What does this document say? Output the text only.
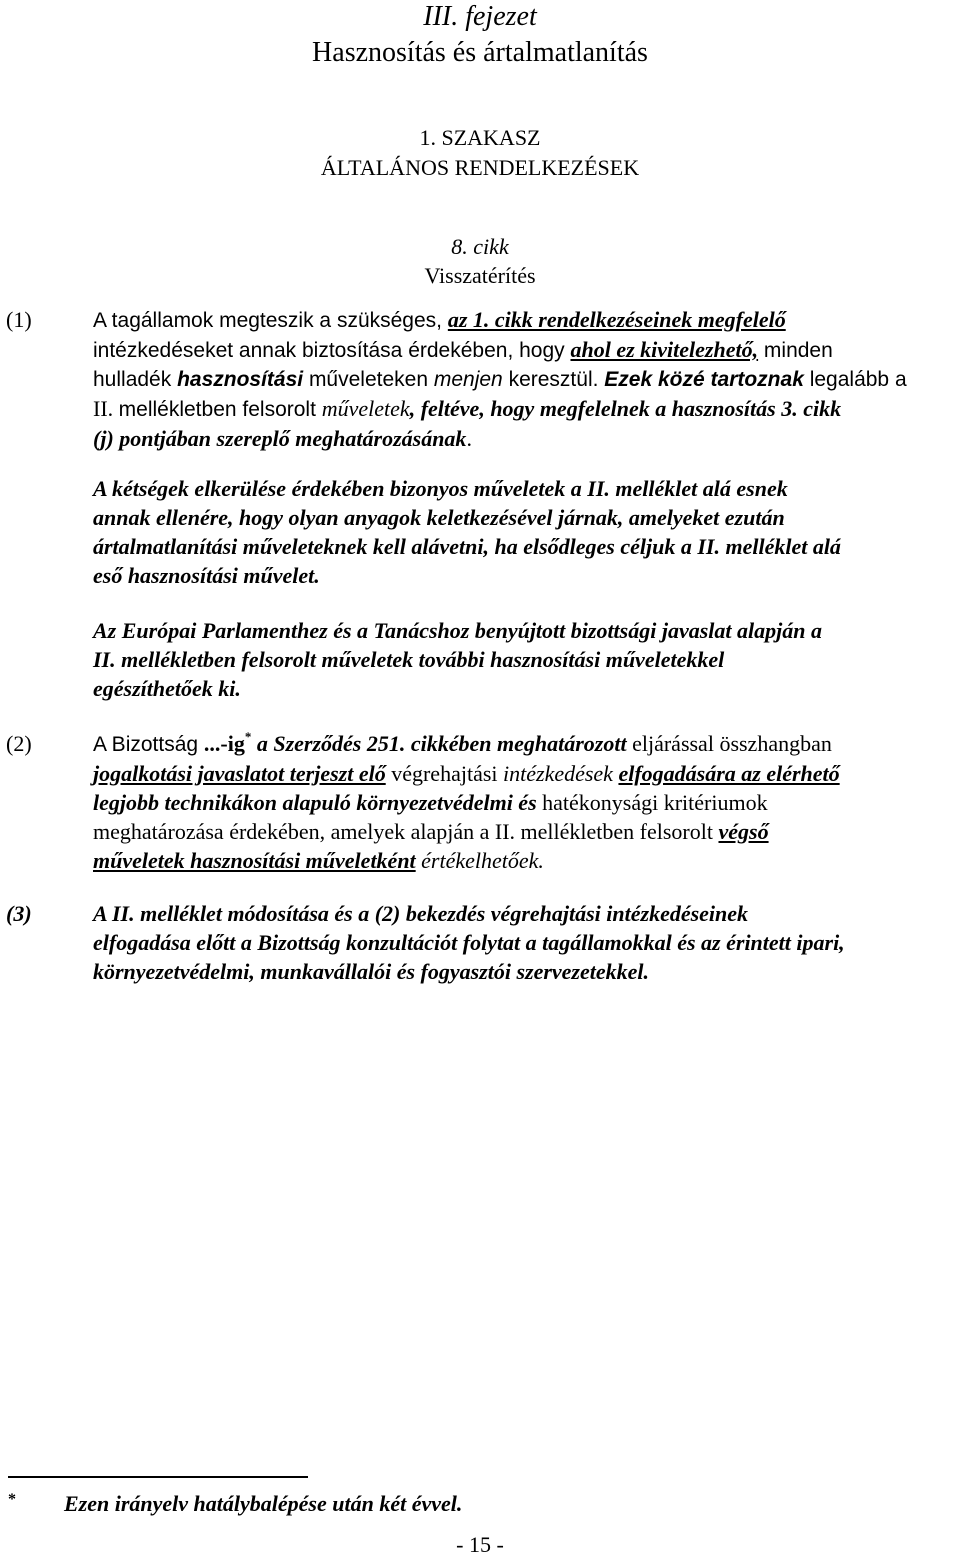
III. fejezet
Hasznosítás és ártalmatlanítás
1. SZAKASZ
ÁLTALÁNOS RENDELKEZÉSEK
8. cikk
Visszatérítés
(1)	A tagállamok megteszik a szükséges, az 1. cikk rendelkezéseinek megfelelő
intézkedéseket annak biztosítása érdekében, hogy ahol ez kivitelezhető, minden
hulladék hasznosítási műveleteken menjen keresztül. Ezek közé tartoznak legalább a
II. mellékletben felsorolt műveletek, feltéve, hogy megfelelnek a hasznosítás 3. cikk
(j) pontjában szereplő meghatározásának.
A kétségek elkerülése érdekében bizonyos műveletek a II. melléklet alá esnek
annak ellenére, hogy olyan anyagok keletkezésével járnak, amelyeket ezután
ártalmatlanítási műveleteknek kell alávetni, ha elsődleges céljuk a II. melléklet alá
eső hasznosítási művelet.
Az Európai Parlamenthez és a Tanácshoz benyújtott bizottsági javaslat alapján a
II. mellékletben felsorolt műveletek további hasznosítási műveletekkel
egészíthetőek ki.
(2)	A Bizottság ...-ig* a Szerződés 251. cikkében meghatározott eljárással összhangban
jogalkotási javaslatot terjeszt elő végrehajtási intézkedések elfogadására az elérhető
legjobb technikákon alapuló környezetvédelmi és hatékonysági kritériumok
meghatározása érdekében, amelyek alapján a II. mellékletben felsorolt végső
műveletek hasznosítási műveletként értékelhetőek.
(3)	A II. melléklet módosítása és a (2) bekezdés végrehajtási intézkedéseinek
elfogadása előtt a Bizottság konzultációt folytat a tagállamokkal és az érintett ipari,
környezetvédelmi, munkavállalói és fogyasztói szervezetekkel.
* Ezen irányelv hatálybalépése után két évvel.
- 15 -
